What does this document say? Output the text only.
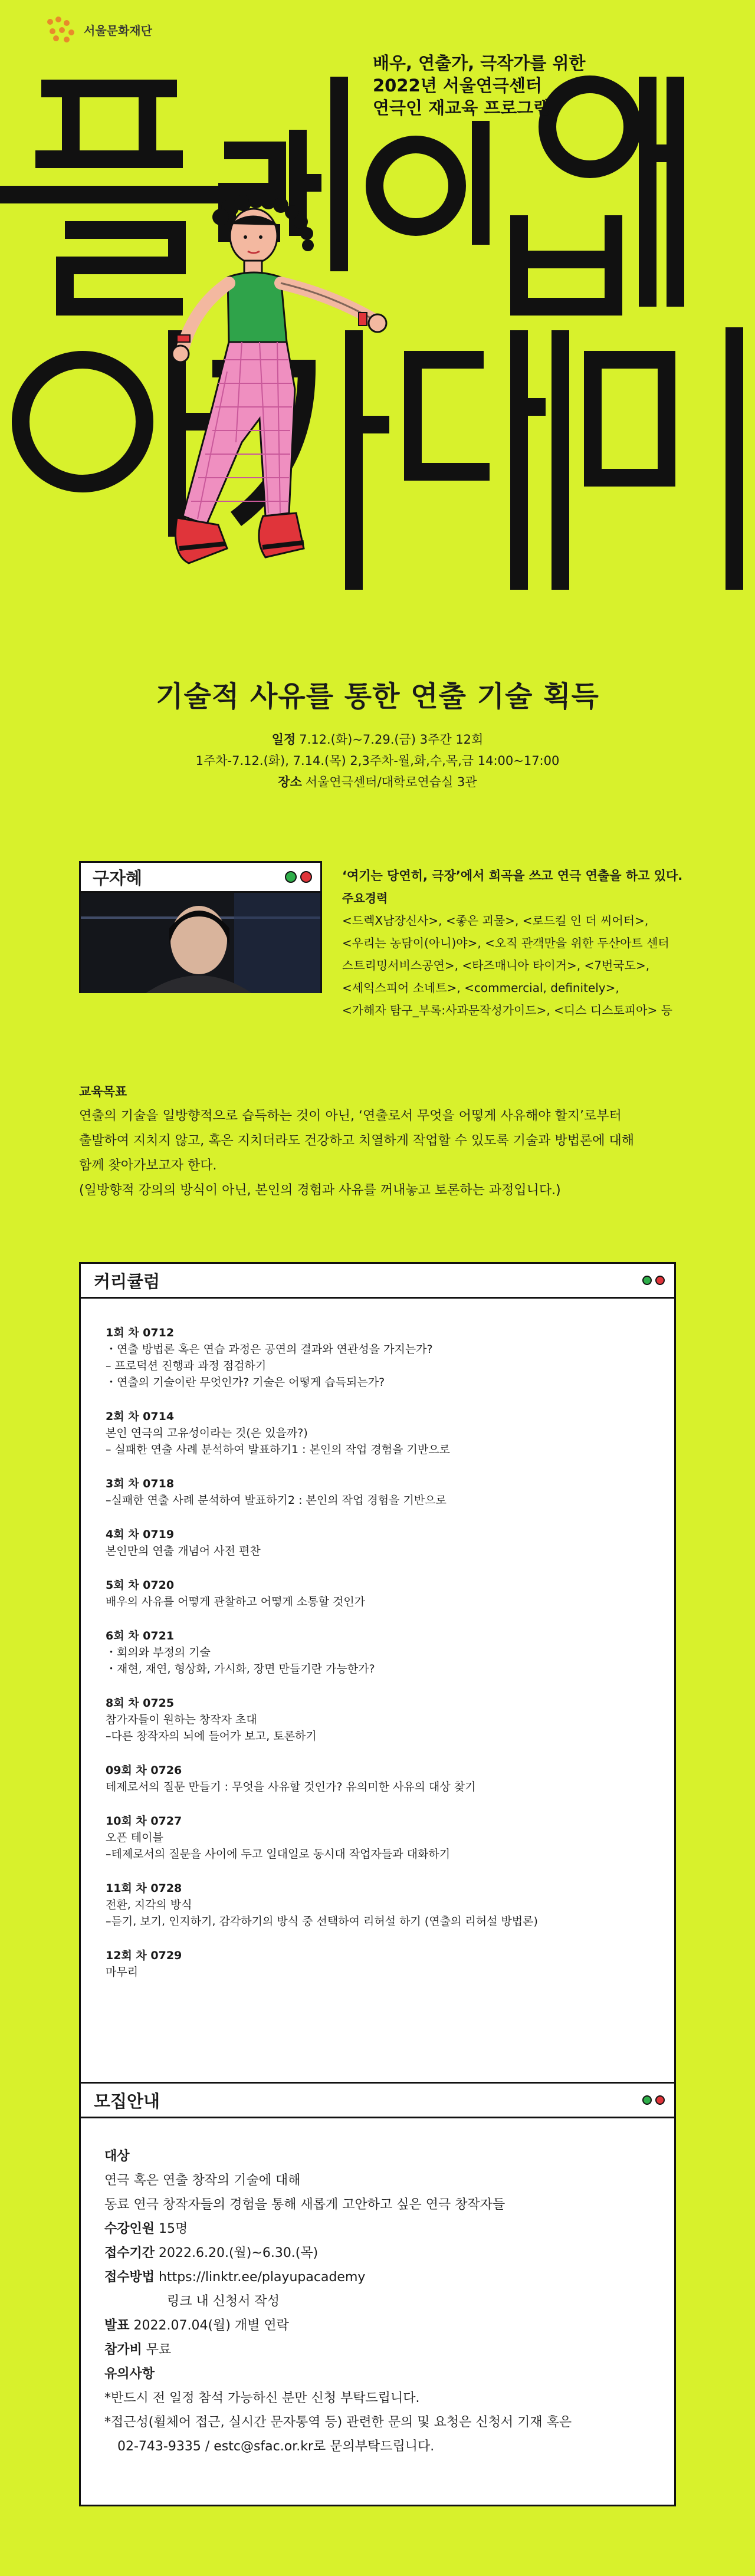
서울문화재단
배우, 연출가, 극작가를 위한
2022년 서울연극센터
연극인 재교육 프로그램
기술적 사유를 통한 연출 기술 획득
일정 7.12.(화)~7.29.(금) 3주간 12회
1주차-7.12.(화), 7.14.(목) 2,3주차-월,화,수,목,금 14:00~17:00
장소 서울연극센터/대학로연습실 3관
구자혜	‘여기는 당연히, 극장’에서 희곡을 쓰고 연극 연출을 하고 있다.
주요경력
<드렉X남장신사>, <좋은 괴물>, <로드킬 인 더 씨어터>,
<우리는 농담이(아니)야>, <오직 관객만을 위한 두산아트 센터
스트리밍서비스공연>, <타즈매니아 타이거>, <7번국도>,
<세익스피어 소네트>, <commercial, definitely>,
<가해자 탐구_부록:사과문작성가이드>, <디스 디스토피아> 등
교육목표
연출의 기술을 일방향적으로 습득하는 것이 아닌, ‘연출로서 무엇을 어떻게 사유해야 할지’로부터
출발하여 지치지 않고, 혹은 지치더라도 건강하고 치열하게 작업할 수 있도록 기술과 방법론에 대해
함께 찾아가보고자 한다.
(일방향적 강의의 방식이 아닌, 본인의 경험과 사유를 꺼내놓고 토론하는 과정입니다.)
커리큘럼
1회 차 0712
・연출 방법론 혹은 연습 과정은 공연의 결과와 연관성을 가지는가?
– 프로덕션 진행과 과정 점검하기
・연출의 기술이란 무엇인가? 기술은 어떻게 습득되는가?
2회 차 0714
본인 연극의 고유성이라는 것(은 있을까?)
– 실패한 연출 사례 분석하여 발표하기1 : 본인의 작업 경험을 기반으로
3회 차 0718
–실패한 연출 사례 분석하여 발표하기2 : 본인의 작업 경험을 기반으로
4회 차 0719
본인만의 연출 개념어 사전 편찬
5회 차 0720
배우의 사유를 어떻게 관찰하고 어떻게 소통할 것인가
6회 차 0721
・회의와 부정의 기술
・재현, 재연, 형상화, 가시화, 장면 만들기란 가능한가?
8회 차 0725
참가자들이 원하는 창작자 초대
–다른 창작자의 뇌에 들어가 보고, 토론하기
09회 차 0726
테제로서의 질문 만들기 : 무엇을 사유할 것인가? 유의미한 사유의 대상 찾기
10회 차 0727
오픈 테이블
–테제로서의 질문을 사이에 두고 일대일로 동시대 작업자들과 대화하기
11회 차 0728
전환, 지각의 방식
–듣기, 보기, 인지하기, 감각하기의 방식 중 선택하여 리허설 하기 (연출의 리허설 방법론)
12회 차 0729
마무리
모집안내
대상
연극 혹은 연출 창작의 기술에 대해
동료 연극 창작자들의 경험을 통해 새롭게 고안하고 싶은 연극 창작자들
수강인원 15명
접수기간 2022.6.20.(월)~6.30.(목)
접수방법 https://linktr.ee/playupacademy
링크 내 신청서 작성
발표 2022.07.04(월) 개별 연락
참가비 무료
유의사항
*반드시 전 일정 참석 가능하신 분만 신청 부탁드립니다.
*접근성(휠체어 접근, 실시간 문자통역 등) 관련한 문의 및 요청은 신청서 기재 혹은
02-743-9335 / estc@sfac.or.kr로 문의부탁드립니다.
